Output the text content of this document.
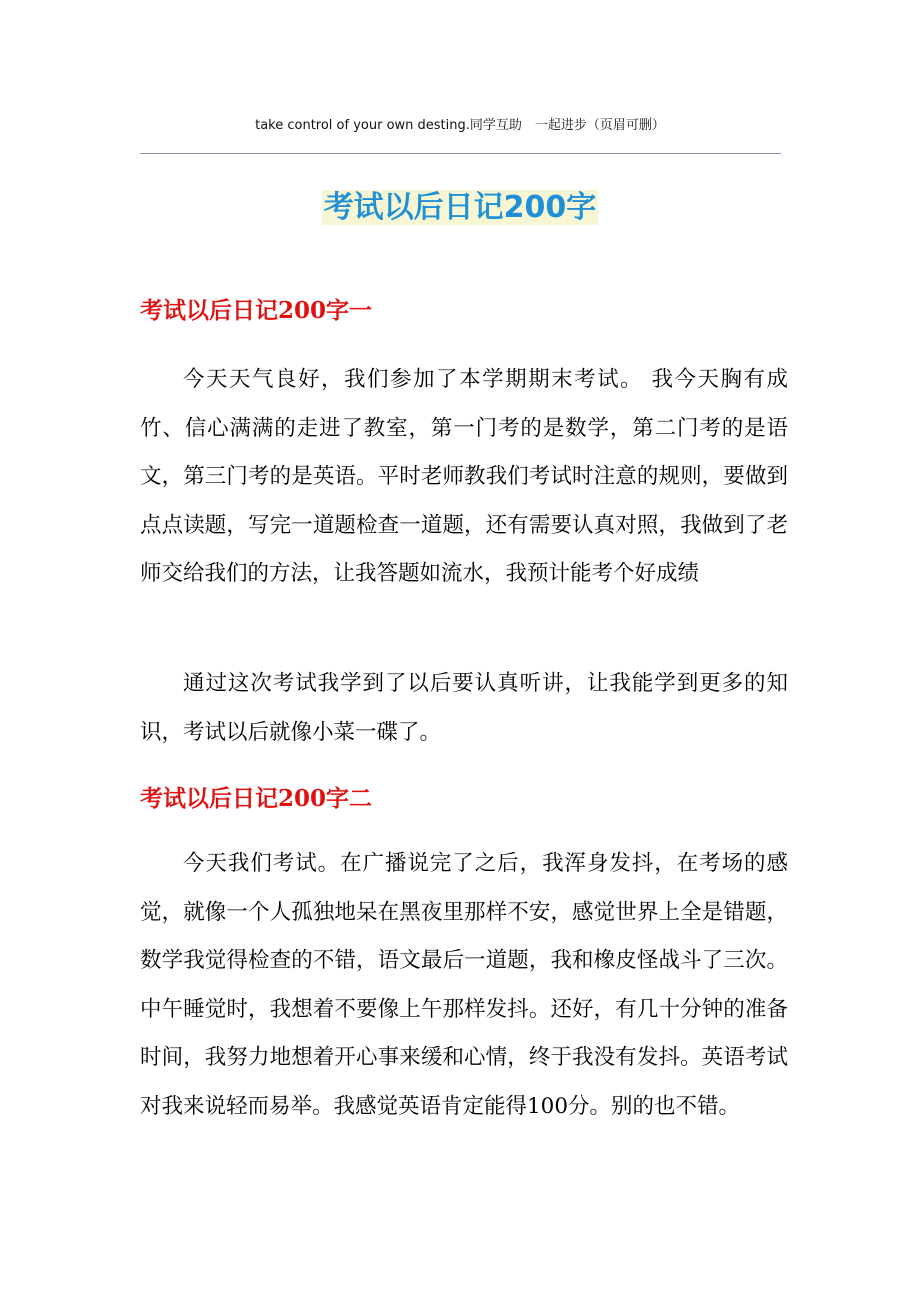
take control of your own desting.同学互助　一起进步（页眉可删）
考试以后日记200字
考试以后日记200字一

今天天气良好，我们参加了本学期期末考试。 我今天胸有成竹、信心满满的走进了教室，第一门考的是数学，第二门考的是语文，第三门考的是英语。平时老师教我们考试时注意的规则，要做到点点读题，写完一道题检查一道题，还有需要认真对照，我做到了老师交给我们的方法，让我答题如流水，我预计能考个好成绩

通过这次考试我学到了以后要认真听讲，让我能学到更多的知识，考试以后就像小菜一碟了。

考试以后日记200字二

今天我们考试。在广播说完了之后，我浑身发抖，在考场的感觉，就像一个人孤独地呆在黑夜里那样不安，感觉世界上全是错题，数学我觉得检查的不错，语文最后一道题，我和橡皮怪战斗了三次。中午睡觉时，我想着不要像上午那样发抖。还好，有几十分钟的准备时间，我努力地想着开心事来缓和心情，终于我没有发抖。英语考试对我来说轻而易举。我感觉英语肯定能得100分。别的也不错。
